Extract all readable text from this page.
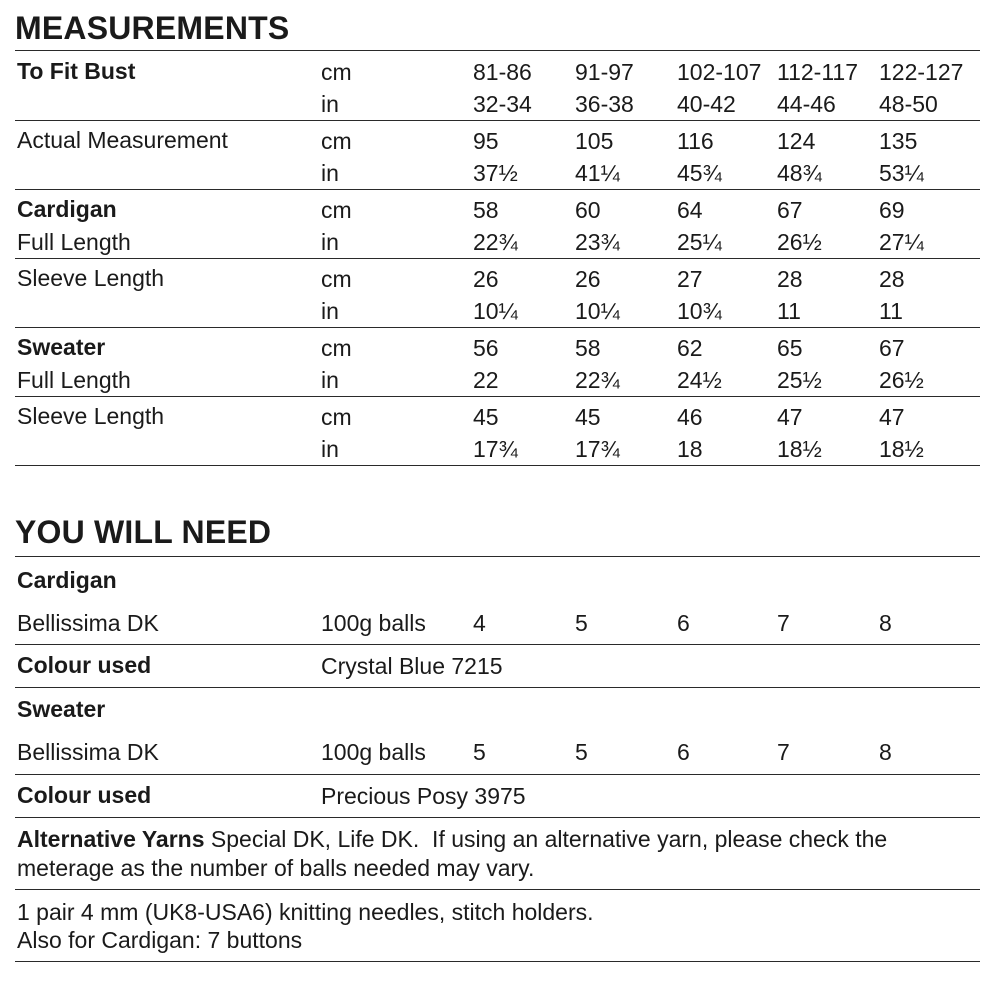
MEASUREMENTS
To Fit Bust	cm	81-86 91-97 102-107 112-117 122-127
in	32-34 36-38 40-42 44-46 48-50
Actual Measurement	cm	95	105	116	124	135
in	37½ 41¼ 45¾ 48¾ 53¼
Cardigan	cm	58	60	64	67	69
Full Length	in	22¾ 23¾ 25¼ 26½ 27¼
Sleeve Length	cm	26	26	27	28	28
in	10¼ 10¼ 10¾ 11	11
Sweater	cm	56	58	62	65	67
Full Length	in	22	22¾ 24½ 25½ 26½
Sleeve Length	cm	45	45	46	47	47
in	17¾ 17¾ 18	18½ 18½
YOU WILL NEED
Cardigan
Bellissima DK	100g balls 4	5	6	7	8
Colour used	Crystal Blue 7215
Sweater
Bellissima DK	100g balls 5	5	6	7	8
Colour used	Precious Posy 3975
Alternative Yarns Special DK, Life DK.  If using an alternative yarn, please check the
meterage as the number of balls needed may vary.
1 pair 4 mm (UK8-USA6) knitting needles, stitch holders.
Also for Cardigan: 7 buttons
